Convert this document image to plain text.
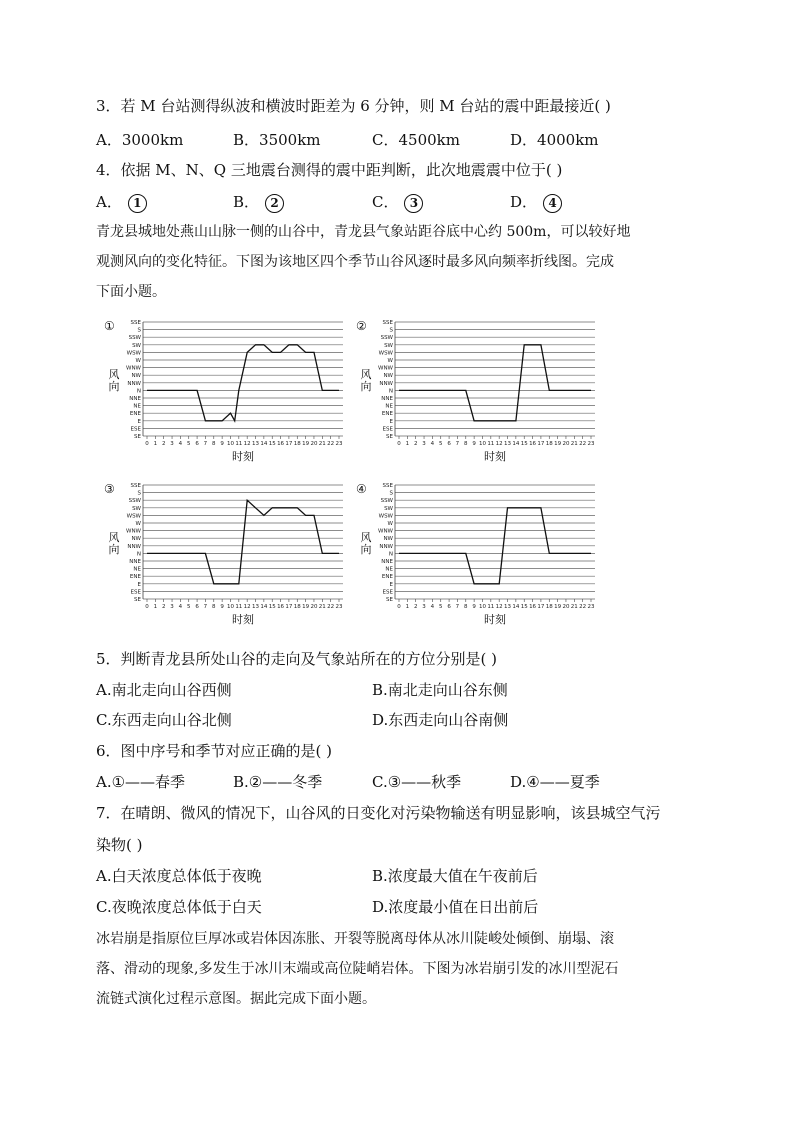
3．若 M 台站测得纵波和横波时距差为 6 分钟，则 M 台站的震中距最接近( )
A．3000km	B．3500km	C．4500km	D．4000km
4．依据 M、N、Q 三地震台测得的震中距判断，此次地震震中位于( )
A． 1	B． 2	C． 3	D． 4
青龙县城地处燕山山脉一侧的山谷中，青龙县气象站距谷底中心约 500m，可以较好地
观测风向的变化特征。下图为该地区四个季节山谷风逐时最多风向频率折线图。完成
下面小题。
SE
ESE
E
ENE
NE
NNE
N
NNW
NW
WNW
W
WSW
SW
SSW
S
SSE
0 1 2 3 4 5 6 7 8 9 10 11 12 13 14 15 16 17 18 19 20 21 22 23
时刻
风
向
①
SE
ESE
E
ENE
NE
NNE
N
NNW
NW
WNW
W
WSW
SW
SSW
S
SSE
0 1 2 3 4 5 6 7 8 9 10 11 12 13 14 15 16 17 18 19 20 21 22 23
时刻
风
向
②
SE
ESE
E
ENE
NE
NNE
N
NNW
NW
WNW
W
WSW
SW
SSW
S
SSE
0 1 2 3 4 5 6 7 8 9 10 11 12 13 14 15 16 17 18 19 20 21 22 23
时刻
风
向
③
SE
ESE
E
ENE
NE
NNE
N
NNW
NW
WNW
W
WSW
SW
SSW
S
SSE
0 1 2 3 4 5 6 7 8 9 10 11 12 13 14 15 16 17 18 19 20 21 22 23
时刻
风
向
④
5．判断青龙县所处山谷的走向及气象站所在的方位分别是( )
A.南北走向山谷西侧	B.南北走向山谷东侧
C.东西走向山谷北侧	D.东西走向山谷南侧
6．图中序号和季节对应正确的是( )
A.①——春季	B.②——冬季	C.③——秋季	D.④——夏季
7．在晴朗、微风的情况下，山谷风的日变化对污染物输送有明显影响，该县城空气污
染物( )
A.白天浓度总体低于夜晚	B.浓度最大值在午夜前后
C.夜晚浓度总体低于白天	D.浓度最小值在日出前后
冰岩崩是指原位巨厚冰或岩体因冻胀、开裂等脱离母体从冰川陡峻处倾倒、崩塌、滚
落、滑动的现象,多发生于冰川末端或高位陡峭岩体。下图为冰岩崩引发的冰川型泥石
流链式演化过程示意图。据此完成下面小题。
